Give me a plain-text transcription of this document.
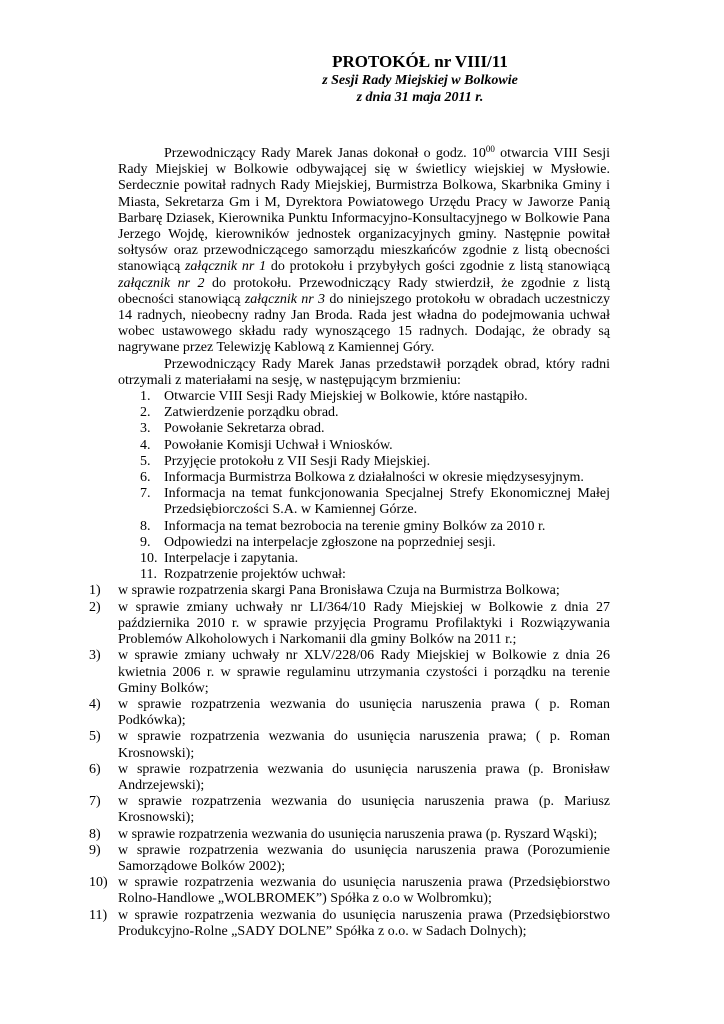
PROTOKÓŁ nr VIII/11
z Sesji Rady Miejskiej w Bolkowie
z dnia 31 maja 2011 r.

Przewodniczący Rady Marek Janas dokonał o godz. $10^{00}$ otwarcia VIII Sesji Rady Miejskiej w Bolkowie odbywającej się w świetlicy wiejskiej w Mysłowie. Serdecznie powitał radnych Rady Miejskiej, Burmistrza Bolkowa, Skarbnika Gminy i Miasta, Sekretarza Gm i M, Dyrektora Powiatowego Urzędu Pracy w Jaworze Panią Barbarę Dziasek, Kierownika Punktu Informacyjno-Konsultacyjnego w Bolkowie Pana Jerzego Wojdę, kierowników jednostek organizacyjnych gminy. Następnie powitał sołtysów oraz przewodniczącego samorządu mieszkańców zgodnie z listą obecności stanowiącą załącznik nr 1 do protokołu i przybyłych gości zgodnie z listą stanowiącą załącznik nr 2 do protokołu. Przewodniczący Rady stwierdził, że zgodnie z listą obecności stanowiącą załącznik nr 3 do niniejszego protokołu w obradach uczestniczy 14 radnych, nieobecny radny Jan Broda. Rada jest władna do podejmowania uchwał wobec ustawowego składu rady wynoszącego 15 radnych. Dodając, że obrady są nagrywane przez Telewizję Kablową z Kamiennej Góry.

Przewodniczący Rady Marek Janas przedstawił porządek obrad, który radni otrzymali z materiałami na sesję, w następującym brzmieniu:

1. Otwarcie VIII Sesji Rady Miejskiej w Bolkowie, które nastąpiło.
2. Zatwierdzenie porządku obrad.
3. Powołanie Sekretarza obrad.
4. Powołanie Komisji Uchwał i Wniosków.
5. Przyjęcie protokołu z VII Sesji Rady Miejskiej.
6. Informacja Burmistrza Bolkowa z działalności w okresie międzysesyjnym.
7. Informacja na temat funkcjonowania Specjalnej Strefy Ekonomicznej Małej Przedsiębiorczości S.A. w Kamiennej Górze.
8. Informacja na temat bezrobocia na terenie gminy Bolków za 2010 r.
9. Odpowiedzi na interpelacje zgłoszone na poprzedniej sesji.
10. Interpelacje i zapytania.
11. Rozpatrzenie projektów uchwał:
1) w sprawie rozpatrzenia skargi Pana Bronisława Czuja na Burmistrza Bolkowa;
2) w sprawie zmiany uchwały nr LI/364/10 Rady Miejskiej w Bolkowie z dnia 27 października 2010 r. w sprawie przyjęcia Programu Profilaktyki i Rozwiązywania Problemów Alkoholowych i Narkomanii dla gminy Bolków na 2011 r.;
3) w sprawie zmiany uchwały nr XLV/228/06 Rady Miejskiej w Bolkowie z dnia 26 kwietnia 2006 r. w sprawie regulaminu utrzymania czystości i porządku na terenie Gminy Bolków;
4) w sprawie rozpatrzenia wezwania do usunięcia naruszenia prawa ( p. Roman Podkówka);
5) w sprawie rozpatrzenia wezwania do usunięcia naruszenia prawa; ( p. Roman Krosnowski);
6) w sprawie rozpatrzenia wezwania do usunięcia naruszenia prawa (p. Bronisław Andrzejewski);
7) w sprawie rozpatrzenia wezwania do usunięcia naruszenia prawa (p. Mariusz Krosnowski);
8) w sprawie rozpatrzenia wezwania do usunięcia naruszenia prawa (p. Ryszard Wąski);
9) w sprawie rozpatrzenia wezwania do usunięcia naruszenia prawa (Porozumienie Samorządowe Bolków 2002);
10) w sprawie rozpatrzenia wezwania do usunięcia naruszenia prawa (Przedsiębiorstwo Rolno-Handlowe „WOLBROMEK”) Spółka z o.o w Wolbromku);
11) w sprawie rozpatrzenia wezwania do usunięcia naruszenia prawa (Przedsiębiorstwo Produkcyjno-Rolne „SADY DOLNE” Spółka z o.o. w Sadach Dolnych);
